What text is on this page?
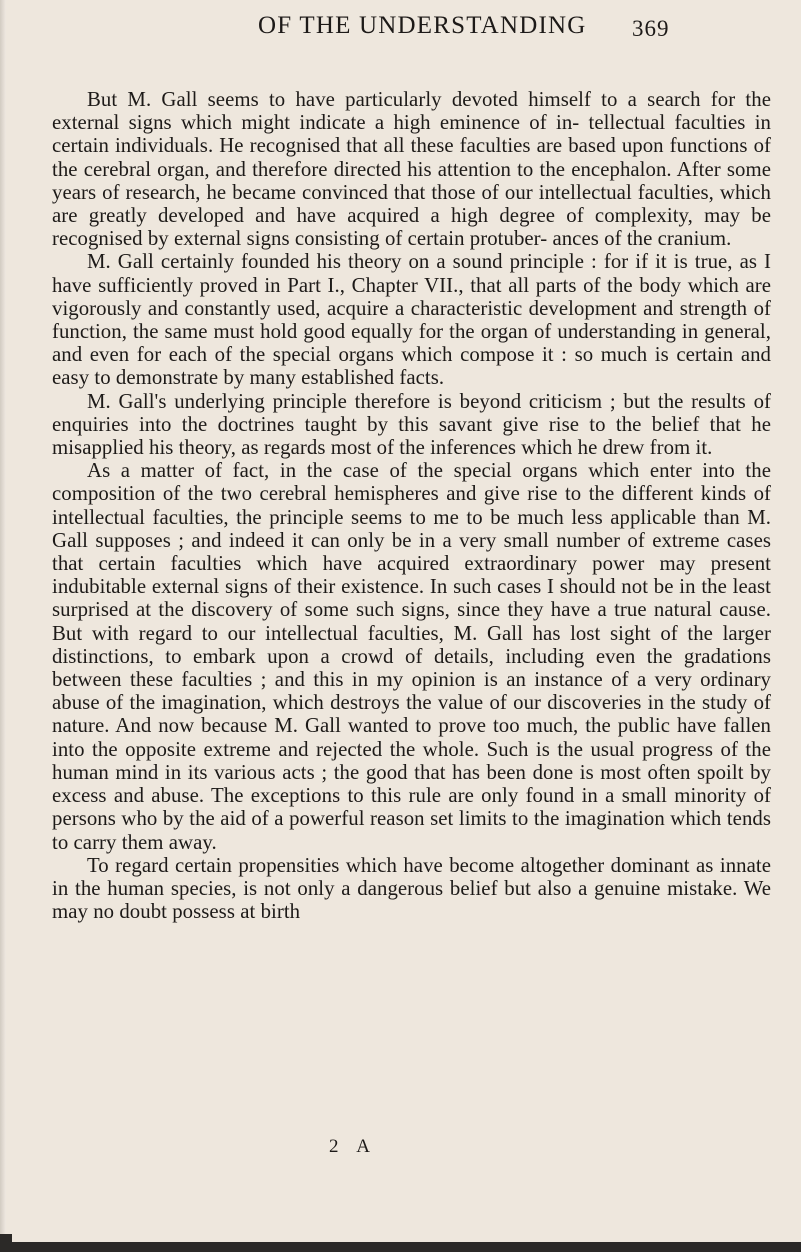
OF THE UNDERSTANDING 369

But M. Gall seems to have particularly devoted himself to a search for the external signs which might indicate a high eminence of in- tellectual faculties in certain individuals. He recognised that all these faculties are based upon functions of the cerebral organ, and therefore directed his attention to the encephalon. After some years of research, he became convinced that those of our intellectual faculties, which are greatly developed and have acquired a high degree of complexity, may be recognised by external signs consisting of certain protuber- ances of the cranium.

M. Gall certainly founded his theory on a sound principle : for if it is true, as I have sufficiently proved in Part I., Chapter VII., that all parts of the body which are vigorously and constantly used, acquire a characteristic development and strength of function, the same must hold good equally for the organ of understanding in general, and even for each of the special organs which compose it : so much is certain and easy to demonstrate by many established facts.

M. Gall's underlying principle therefore is beyond criticism ; but the results of enquiries into the doctrines taught by this savant give rise to the belief that he misapplied his theory, as regards most of the inferences which he drew from it.

As a matter of fact, in the case of the special organs which enter into the composition of the two cerebral hemispheres and give rise to the different kinds of intellectual faculties, the principle seems to me to be much less applicable than M. Gall supposes ; and indeed it can only be in a very small number of extreme cases that certain faculties which have acquired extraordinary power may present indubitable external signs of their existence. In such cases I should not be in the least surprised at the discovery of some such signs, since they have a true natural cause. But with regard to our intellectual faculties, M. Gall has lost sight of the larger distinctions, to embark upon a crowd of details, including even the gradations between these faculties ; and this in my opinion is an instance of a very ordinary abuse of the imagination, which destroys the value of our discoveries in the study of nature. And now because M. Gall wanted to prove too much, the public have fallen into the opposite extreme and rejected the whole. Such is the usual progress of the human mind in its various acts ; the good that has been done is most often spoilt by excess and abuse. The exceptions to this rule are only found in a small minority of persons who by the aid of a powerful reason set limits to the imagination which tends to carry them away.

To regard certain propensities which have become altogether dominant as innate in the human species, is not only a dangerous belief but also a genuine mistake. We may no doubt possess at birth

2 A
